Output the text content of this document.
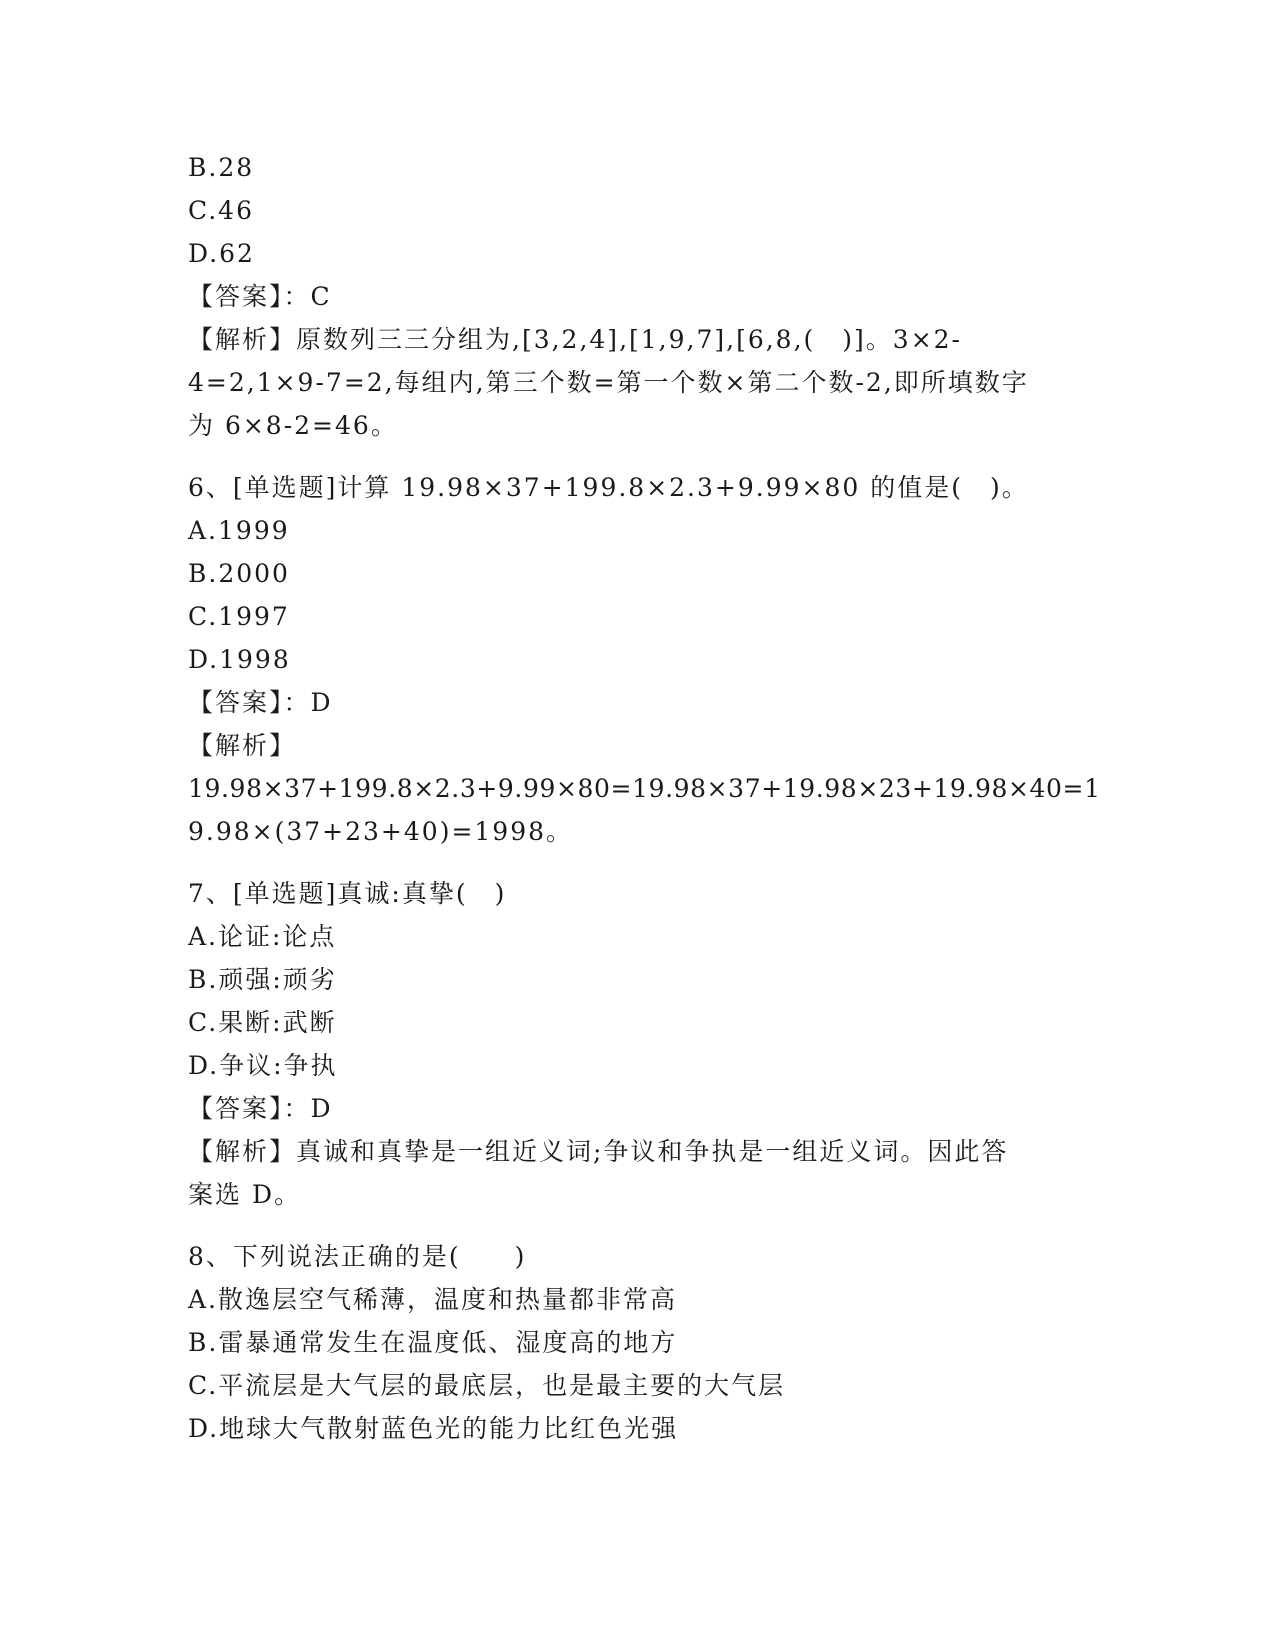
B.28
C.46
D.62
【答案】：C
【解析】原数列三三分组为,[3,2,4],[1,9,7],[6,8,(　)]。3×2-
4=2,1×9-7=2,每组内,第三个数=第一个数×第二个数-2,即所填数字
为 6×8-2=46。
6、[单选题]计算 19.98×37+199.8×2.3+9.99×80 的值是(　)。
A.1999
B.2000
C.1997
D.1998
【答案】：D
【解析】
19.98×37+199.8×2.3+9.99×80=19.98×37+19.98×23+19.98×40=1
9.98×(37+23+40)=1998。
7、[单选题]真诚:真挚(　)
A.论证:论点
B.顽强:顽劣
C.果断:武断
D.争议:争执
【答案】：D
【解析】真诚和真挚是一组近义词;争议和争执是一组近义词。因此答
案选 D。
8、下列说法正确的是(　　)
A.散逸层空气稀薄，温度和热量都非常高
B.雷暴通常发生在温度低、湿度高的地方
C.平流层是大气层的最底层，也是最主要的大气层
D.地球大气散射蓝色光的能力比红色光强
